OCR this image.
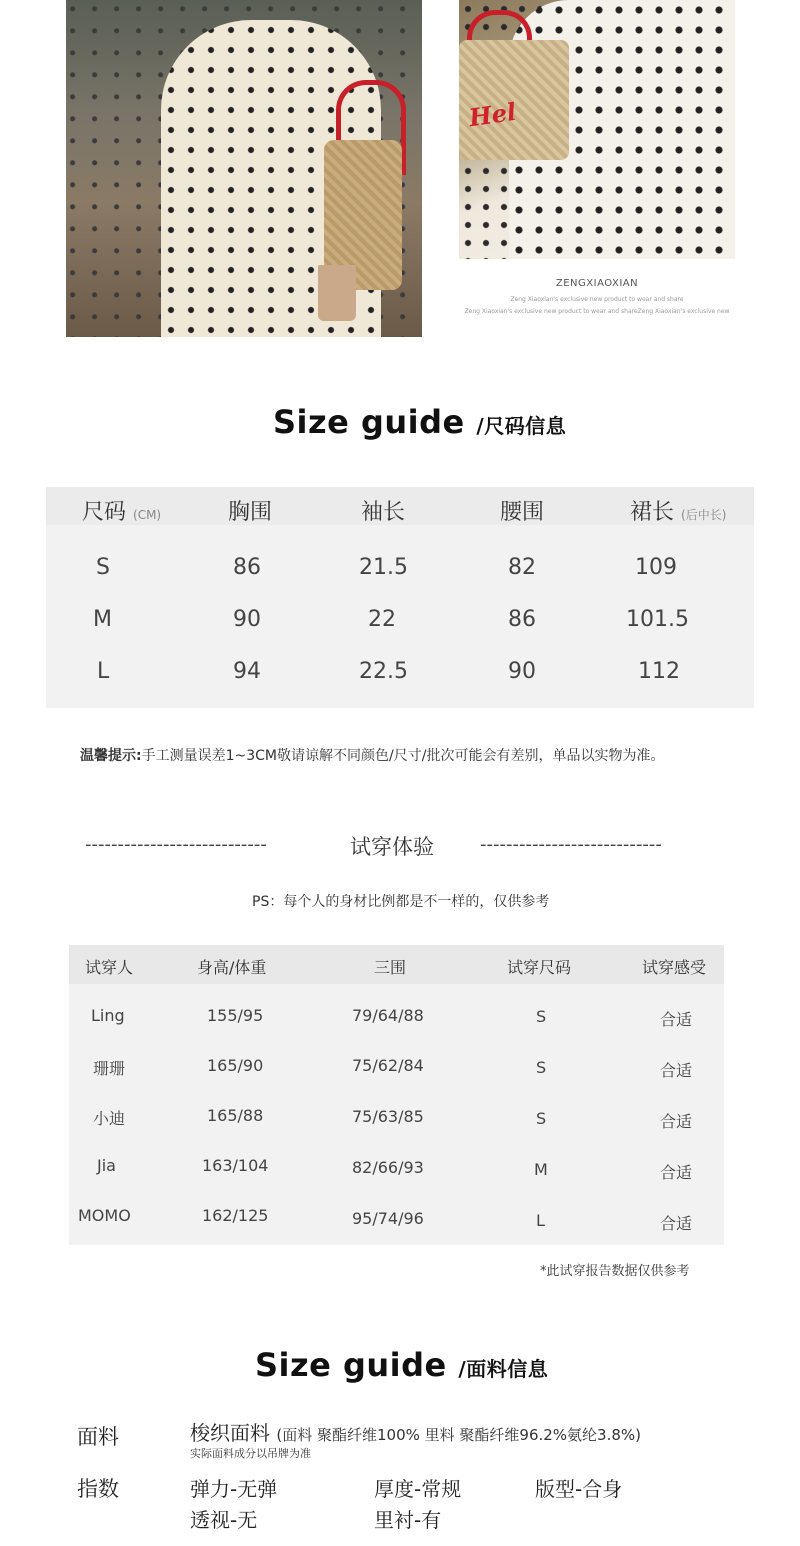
Hel
ZENGXIAOXIAN
Zeng Xiaoxian's exclusive new product to wear and share
Zeng Xiaoxian's exclusive new product to wear and shareZeng Xiaoxian's exclusive new
Size guide /尺码信息
尺码 (CM)	胸围	袖长	腰围	裙长 (后中长)
S	86	21.5	82	109
M	90	22	86	101.5
L	94	22.5	90	112
温馨提示:手工测量误差1~3CM敬请谅解不同颜色/尺寸/批次可能会有差别，单品以实物为准。
----------------------------	试穿体验	----------------------------
PS：每个人的身材比例都是不一样的，仅供参考
试穿人	身高/体重	三围	试穿尺码	试穿感受
Ling	155/95	79/64/88	S	合适
珊珊	165/90	75/62/84	S	合适
小迪	165/88	75/63/85	S	合适
Jia	163/104	82/66/93	M	合适
MOMO	162/125	95/74/96	L	合适
*此试穿报告数据仅供参考
Size guide /面料信息
面料	梭织面料 (面料 聚酯纤维100% 里料 聚酯纤维96.2%氨纶3.8%)
实际面料成分以吊牌为准
指数	弹力-无弹	厚度-常规	版型-合身
透视-无	里衬-有
